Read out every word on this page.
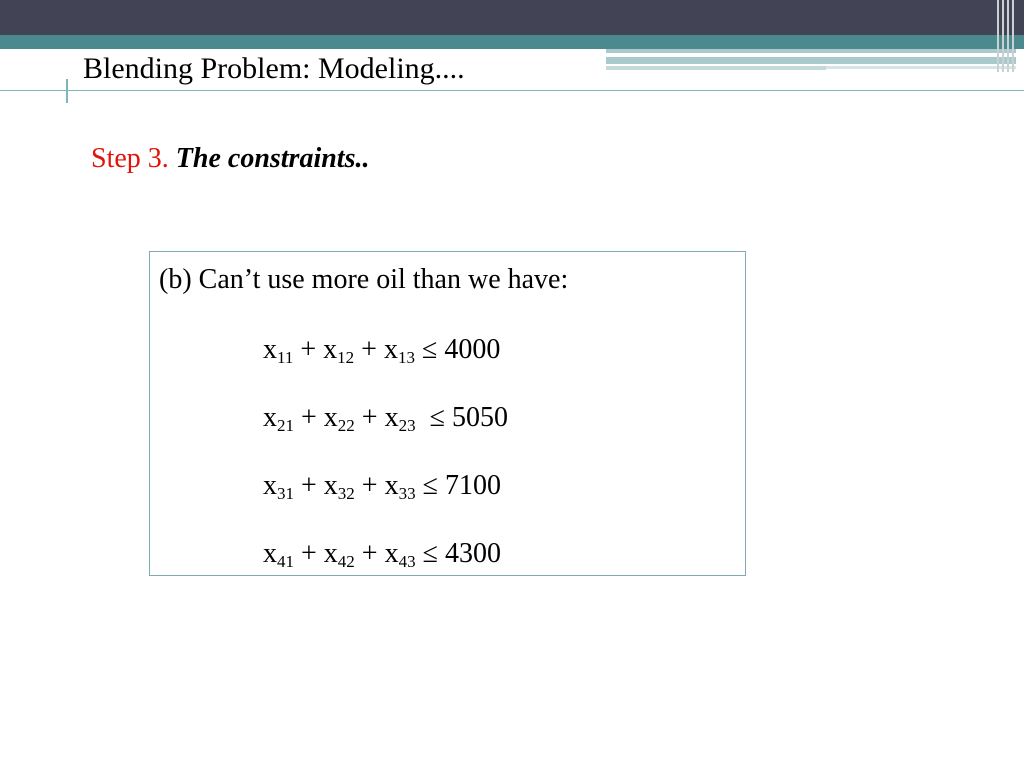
Blending Problem: Modeling....
Step 3. The constraints..
(b) Can’t use more oil than we have:
$x_{11} + x_{12} + x_{13} \le 4000$
$x_{21} + x_{22} + x_{23} \le 5050$
$x_{31} + x_{32} + x_{33} \le 7100$
$x_{41} + x_{42} + x_{43} \le 4300$
